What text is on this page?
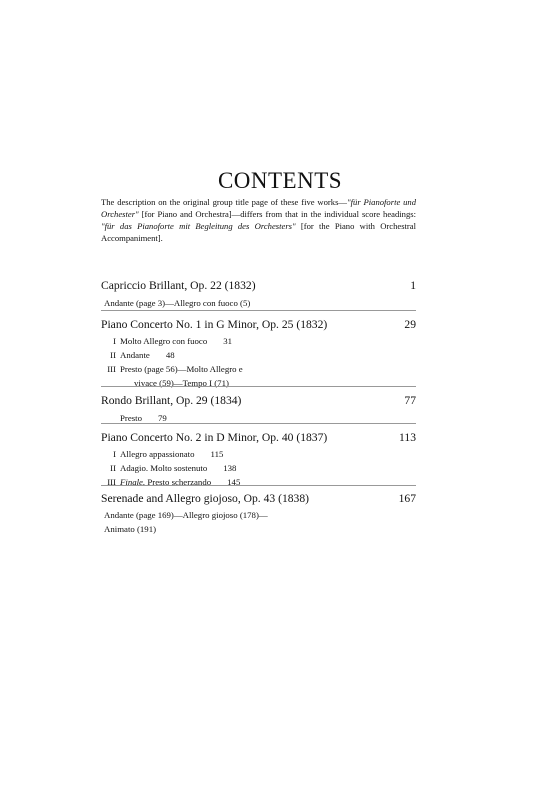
CONTENTS

The description on the original group title page of these five works—"für Pianoforte und Orchester" [for Piano and Orchestra]—differs from that in the individual score headings: "für das Pianoforte mit Begleitung des Orchesters" [for the Piano with Orchestral Accompaniment].

Capriccio Brillant, Op. 22 (1832)	1
Andante (page 3)—Allegro con fuoco (5)
Piano Concerto No. 1 in G Minor, Op. 25 (1832)	29
I Molto Allegro con fuoco 31
II Andante 48
III Presto (page 56)—Molto Allegro e
vivace (59)—Tempo I (71)
Rondo Brillant, Op. 29 (1834)	77
Presto 79
Piano Concerto No. 2 in D Minor, Op. 40 (1837)	113
I Allegro appassionato 115
II Adagio. Molto sostenuto 138
III Finale. Presto scherzando 145
Serenade and Allegro giojoso, Op. 43 (1838)	167
Andante (page 169)—Allegro giojoso (178)—
Animato (191)
